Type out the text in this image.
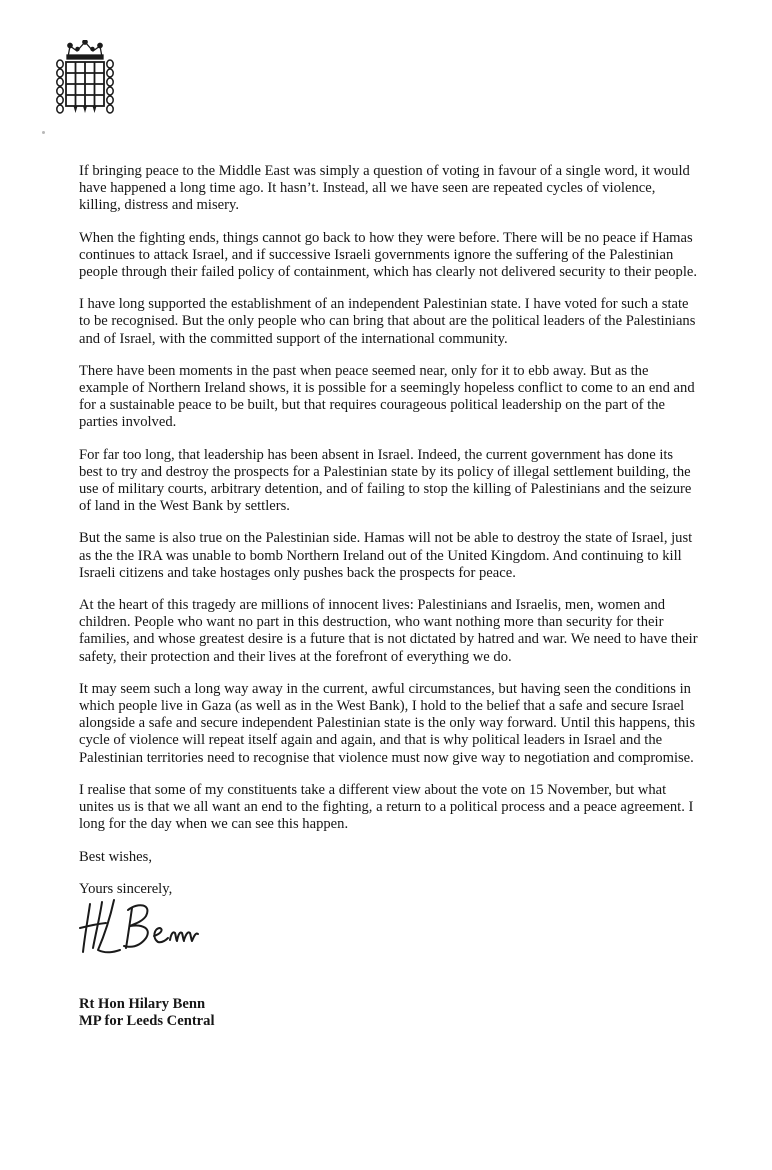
If bringing peace to the Middle East was simply a question of voting in favour of a single word, it would have happened a long time ago. It hasn’t. Instead, all we have seen are repeated cycles of violence, killing, distress and misery.

When the fighting ends, things cannot go back to how they were before. There will be no peace if Hamas continues to attack Israel, and if successive Israeli governments ignore the suffering of the Palestinian people through their failed policy of containment, which has clearly not delivered security to their people.

I have long supported the establishment of an independent Palestinian state. I have voted for such a state to be recognised. But the only people who can bring that about are the political leaders of the Palestinians and of Israel, with the committed support of the international community.

There have been moments in the past when peace seemed near, only for it to ebb away. But as the example of Northern Ireland shows, it is possible for a seemingly hopeless conflict to come to an end and for a sustainable peace to be built, but that requires courageous political leadership on the part of the parties involved.

For far too long, that leadership has been absent in Israel. Indeed, the current government has done its best to try and destroy the prospects for a Palestinian state by its policy of illegal settlement building, the use of military courts, arbitrary detention, and of failing to stop the killing of Palestinians and the seizure of land in the West Bank by settlers.

But the same is also true on the Palestinian side. Hamas will not be able to destroy the state of Israel, just as the the IRA was unable to bomb Northern Ireland out of the United Kingdom. And continuing to kill Israeli citizens and take hostages only pushes back the prospects for peace.

At the heart of this tragedy are millions of innocent lives: Palestinians and Israelis, men, women and children. People who want no part in this destruction, who want nothing more than security for their families, and whose greatest desire is a future that is not dictated by hatred and war. We need to have their safety, their protection and their lives at the forefront of everything we do.

It may seem such a long way away in the current, awful circumstances, but having seen the conditions in which people live in Gaza (as well as in the West Bank), I hold to the belief that a safe and secure Israel alongside a safe and secure independent Palestinian state is the only way forward. Until this happens, this cycle of violence will repeat itself again and again, and that is why political leaders in Israel and the Palestinian territories need to recognise that violence must now give way to negotiation and compromise.

I realise that some of my constituents take a different view about the vote on 15 November, but what unites us is that we all want an end to the fighting, a return to a political process and a peace agreement. I long for the day when we can see this happen.

Best wishes,

Yours sincerely,

Rt Hon Hilary Benn
MP for Leeds Central
